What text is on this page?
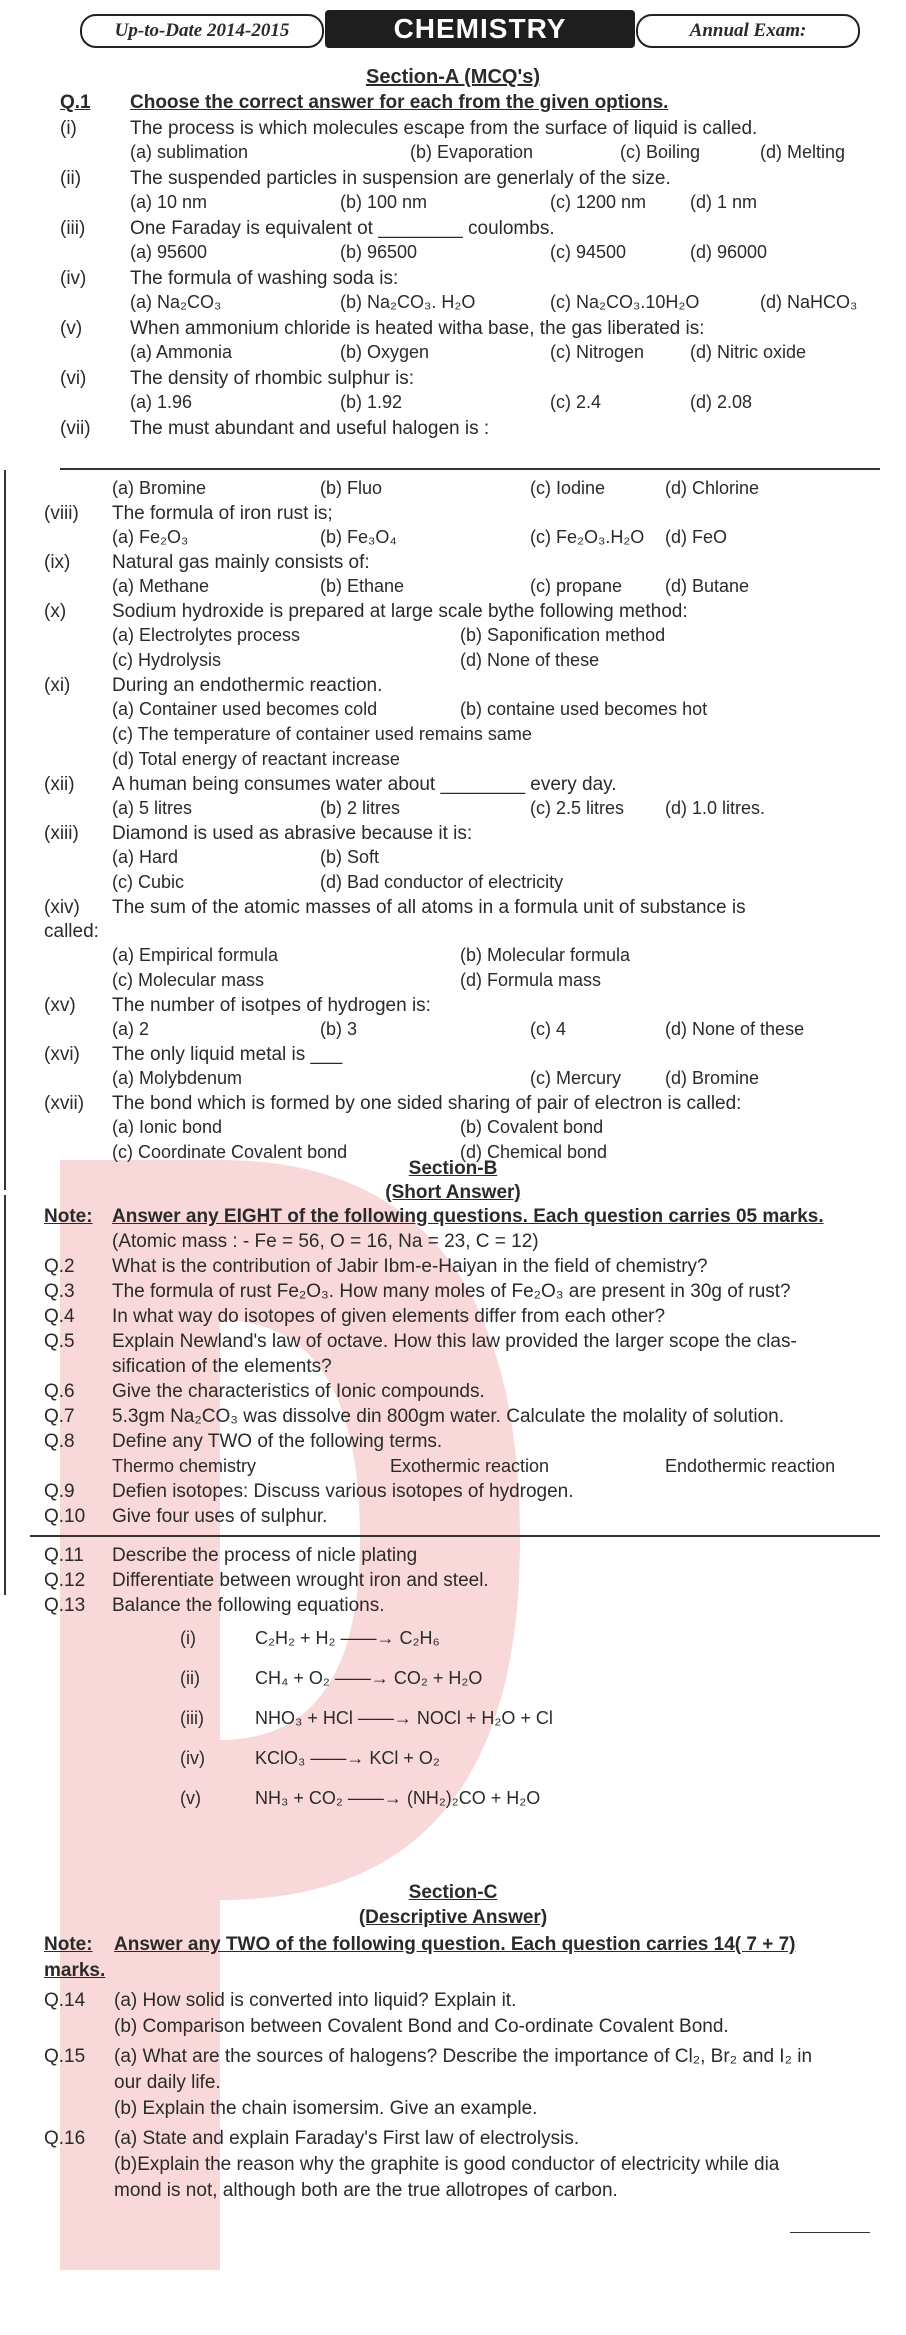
Up-to-Date 2014-2015	CHEMISTRY	Annual Exam:
Section-A (MCQ's)
Q.1 Choose the correct answer for each from the given options.
(i)	The process is which molecules escape from the surface of liquid is called.
(a) sublimation	(b) Evaporation	(c) Boiling	(d) Melting
(ii)	The suspended particles in suspension are generlaly of the size.
(a) 10 nm	(b) 100 nm	(c) 1200 nm (d) 1 nm
(iii) One Faraday is equivalent ot ________ coulombs.
(a) 95600	(b) 96500	(c) 94500	(d) 96000
(iv) The formula of washing soda is:
(a) Na₂CO₃	(b) Na₂CO₃. H₂O	(c) Na₂CO₃.10H₂O	(d) NaHCO₃
(v)	When ammonium chloride is heated witha base, the gas liberated is:
(a) Ammonia	(b) Oxygen	(c) Nitrogen	(d) Nitric oxide
(vi) The density of rhombic sulphur is:
(a) 1.96	(b) 1.92	(c) 2.4	(d) 2.08
(vii) The must abundant and useful halogen is :
(a) Bromine	(b) Fluo	(c) Iodine	(d) Chlorine
(viii) The formula of iron rust is;
(a) Fe₂O₃	(b) Fe₃O₄	(c) Fe₂O₃.H₂O (d) FeO
(ix) Natural gas mainly consists of:
(a) Methane	(b) Ethane	(c) propane (d) Butane
(x) Sodium hydroxide is prepared at large scale bythe following method:
(a) Electrolytes process	(b) Saponification method
(c) Hydrolysis	(d) None of these
(xi) During an endothermic reaction.
(a) Container used becomes cold	(b) containe used becomes hot
(c) The temperature of container used remains same
(d) Total energy of reactant increase
(xii) A human being consumes water about ________ every day.
(a) 5 litres	(b) 2 litres	(c) 2.5 litres (d) 1.0 litres.
(xiii) Diamond is used as abrasive because it is:
(a) Hard	(b) Soft
(c) Cubic	(d) Bad conductor of electricity
(xiv) The sum of the atomic masses of all atoms in a formula unit of substance is
called:
(a) Empirical formula	(b) Molecular formula
(c) Molecular mass	(d) Formula mass
(xv) The number of isotpes of hydrogen is:
(a) 2	(b) 3	(c) 4	(d) None of these
(xvi) The only liquid metal is ___
(a) Molybdenum	(c) Mercury (d) Bromine
(xvii) The bond which is formed by one sided sharing of pair of electron is called:
(a) Ionic bond	(b) Covalent bond
(c) Coordinate Covalent bond	(d) Chemical bond
Section-B
(Short Answer)
Note: Answer any EIGHT of the following questions. Each question carries 05 marks.
(Atomic mass : - Fe = 56, O = 16, Na = 23, C = 12)
Q.2 What is the contribution of Jabir Ibm-e-Haiyan in the field of chemistry?
Q.3 The formula of rust Fe₂O₃. How many moles of Fe₂O₃ are present in 30g of rust?
Q.4 In what way do isotopes of given elements differ from each other?
Q.5 Explain Newland's law of octave. How this law provided the larger scope the clas-
sification of the elements?
Q.6 Give the characteristics of Ionic compounds.
Q.7 5.3gm Na₂CO₃ was dissolve din 800gm water. Calculate the molality of solution.
Q.8 Define any TWO of the following terms.
Thermo chemistry	Exothermic reaction	Endothermic reaction
Q.9 Defien isotopes: Discuss various isotopes of hydrogen.
Q.10 Give four uses of sulphur.
Q.11 Describe the process of nicle plating
Q.12 Differentiate between wrought iron and steel.
Q.13 Balance the following equations.
(i)	C₂H₂ + H₂ ——→ C₂H₆
(ii)	CH₄ + O₂ ——→ CO₂ + H₂O
(iii)	NHO₃ + HCl ——→ NOCl + H₂O + Cl
(iv)	KClO₃ ——→ KCl + O₂
(v)	NH₃ + CO₂ ——→ (NH₂)₂CO + H₂O
Section-C
(Descriptive Answer)
Note: Answer any TWO of the following question. Each question carries 14( 7 + 7)
marks.
Q.14 (a) How solid is converted into liquid? Explain it.
(b) Comparison between Covalent Bond and Co-ordinate Covalent Bond.
Q.15 (a) What are the sources of halogens? Describe the importance of Cl₂, Br₂ and I₂ in
our daily life.
(b) Explain the chain isomersim. Give an example.
Q.16 (a) State and explain Faraday's First law of electrolysis.
(b)Explain the reason why the graphite is good conductor of electricity while dia
mond is not, although both are the true allotropes of carbon.
